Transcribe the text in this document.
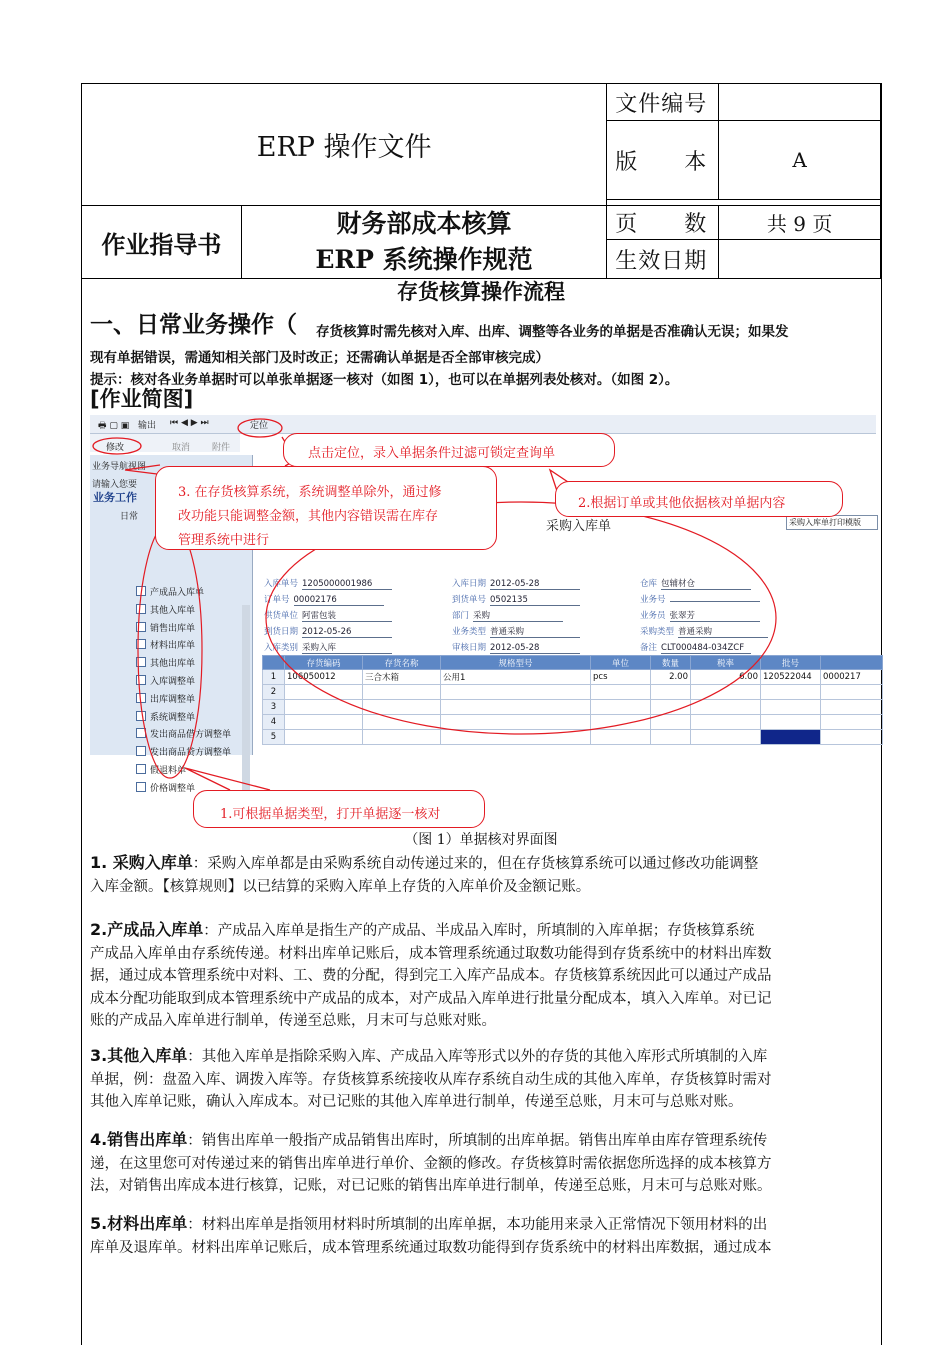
ERP 操作文件		文件编号	
		版　　本	A

作业指导书	财务部成本核算
ERP 系统操作规范	页　　数	共 9 页
		生效日期	
存货核算操作流程
一、日常业务操作（ 存货核算时需先核对入库、出库、调整等各业务的单据是否准确认无误；如果发
现有单据错误，需通知相关部门及时改正；还需确认单据是否全部审核完成）
提示：核对各业务单据时可以单张单据逐一核对（如图 1），也可以在单据列表处核对。（如图 2）。
[作业简图]
🖶 ▢ ▣ 输出 ⏮ ◀ ▶ ⏭	定位
修改	取消 附件
业务导航视图
请输入您要
业务工作
日常
产成品入库单
其他入库单
销售出库单
材料出库单
其他出库单
入库调整单
出库调整单
系统调整单
发出商品借方调整单
发出商品贷方调整单
假退料单
价格调整单
采购入库单	采购入库单打印模版
入库单号 1205000001986	入库日期 2012-05-28	仓库 包辅材仓
订单号 00002176	到货单号 0502135	业务号
供货单位 阿雷包装	部门 采购	业务员 张翠芳
到货日期 2012-05-26	业务类型 普通采购	采购类型 普通采购
入库类别 采购入库	审核日期 2012-05-28	备注 CLT000484-034ZCF
	存货编码	存货名称	规格型号	单位	数量	税率	批号	
1	106050012	三合木箱	公用1	pcs	2.00	6.00	120522044	0000217
2								
3								
4								
5								
点击定位，录入单据条件过滤可锁定查询单
3. 在存货核算系统，系统调整单除外，通过修
改功能只能调整金额，其他内容错误需在库存
管理系统中进行
2.根据订单或其他依据核对单据内容
1.可根据单据类型，打开单据逐一核对
（图 1）单据核对界面图
1. 采购入库单：采购入库单都是由采购系统自动传递过来的，但在存货核算系统可以通过修改功能调整
入库金额。【核算规则】以已结算的采购入库单上存货的入库单价及金额记账。
2.产成品入库单：产成品入库单是指生产的产成品、半成品入库时，所填制的入库单据；存货核算系统
产成品入库单由存系统传递。材料出库单记账后，成本管理系统通过取数功能得到存货系统中的材料出库数
据，通过成本管理系统中对料、工、费的分配，得到完工入库产品成本。存货核算系统因此可以通过产成品
成本分配功能取到成本管理系统中产成品的成本，对产成品入库单进行批量分配成本，填入入库单。对已记
账的产成品入库单进行制单，传递至总账，月末可与总账对账。
3.其他入库单：其他入库单是指除采购入库、产成品入库等形式以外的存货的其他入库形式所填制的入库
单据，例：盘盈入库、调拨入库等。存货核算系统接收从库存系统自动生成的其他入库单，存货核算时需对
其他入库单记账，确认入库成本。对已记账的其他入库单进行制单，传递至总账，月末可与总账对账。
4.销售出库单：销售出库单一般指产成品销售出库时，所填制的出库单据。销售出库单由库存管理系统传
递，在这里您可对传递过来的销售出库单进行单价、金额的修改。存货核算时需依据您所选择的成本核算方
法，对销售出库成本进行核算，记账，对已记账的销售出库单进行制单，传递至总账，月末可与总账对账。
5.材料出库单：材料出库单是指领用材料时所填制的出库单据，本功能用来录入正常情况下领用材料的出
库单及退库单。材料出库单记账后，成本管理系统通过取数功能得到存货系统中的材料出库数据，通过成本
